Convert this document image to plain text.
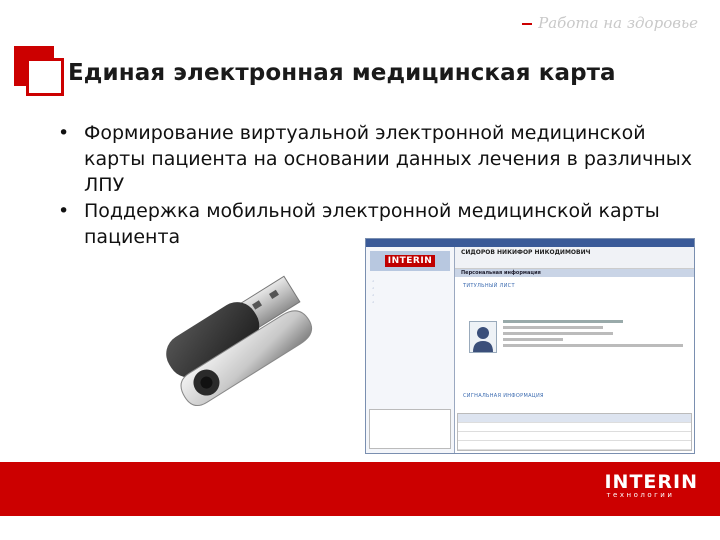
Работа на здоровье
Единая электронная медицинская карта
• Формирование виртуальной электронной медицинской карты пациента на основании данных лечения в различных ЛПУ
• Поддержка мобильной электронной медицинской карты пациента
INTERIN
◦
◦
◦
◦
СИДОРОВ НИКИФОР НИКОДИМОВИЧ
Персональная информация
ТИТУЛЬНЫЙ ЛИСТ
СИГНАЛЬНАЯ ИНФОРМАЦИЯ
INTERIN
технологии
